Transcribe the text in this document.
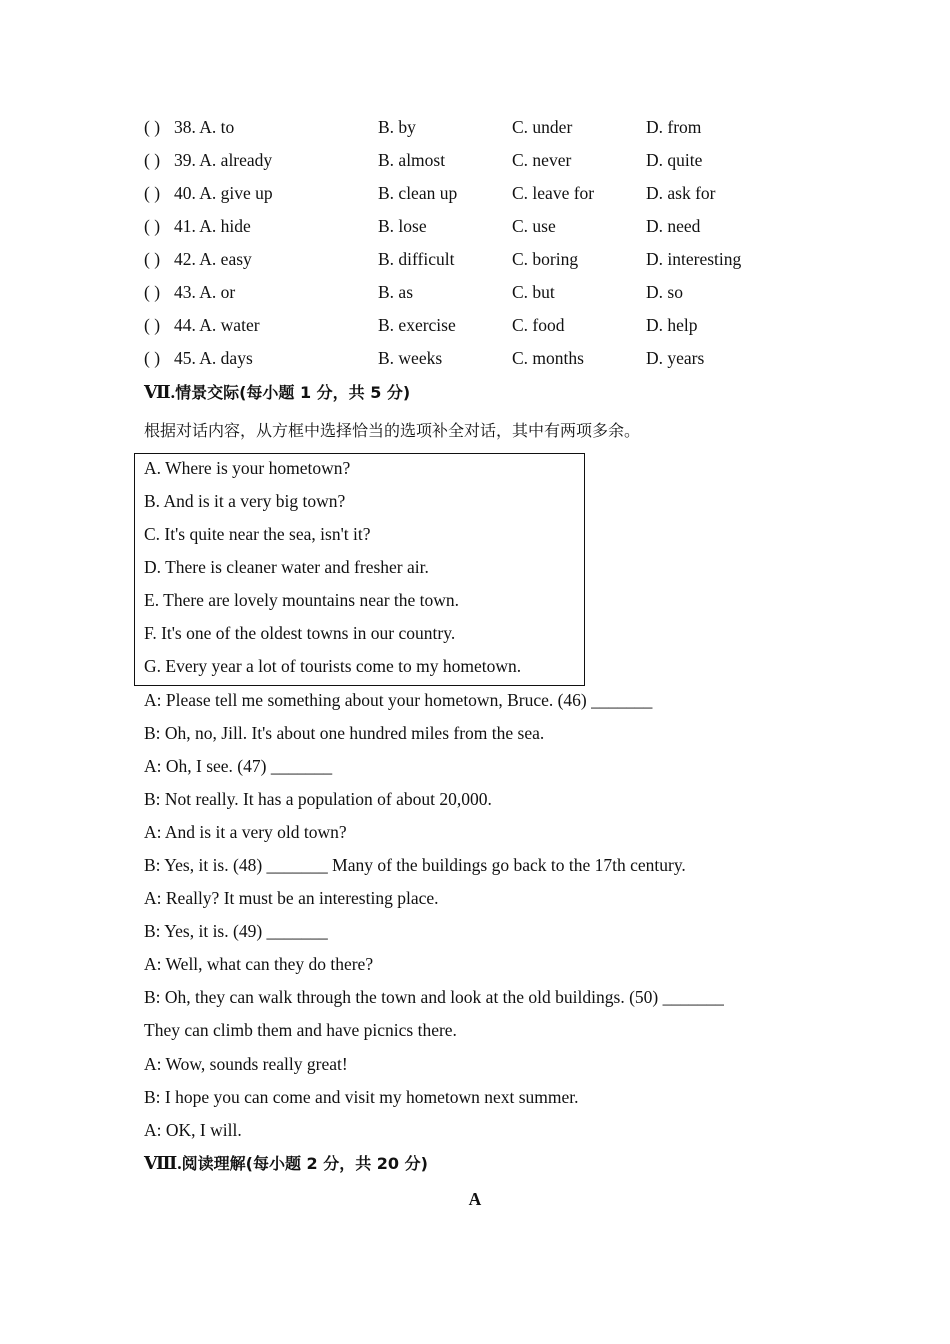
( ) 38. A. to	B. by	C. under	D. from
( ) 39. A. already	B. almost	C. never	D. quite
( ) 40. A. give up	B. clean up	C. leave for	D. ask for
( ) 41. A. hide	B. lose	C. use	D. need
( ) 42. A. easy	B. difficult	C. boring	D. interesting
( ) 43. A. or	B. as	C. but	D. so
( ) 44. A. water	B. exercise	C. food	D. help
( ) 45. A. days	B. weeks	C. months	D. years
Ⅶ.情景交际(每小题 1 分，共 5 分)
根据对话内容，从方框中选择恰当的选项补全对话，其中有两项多余。
A. Where is your hometown?
B. And is it a very big town?
C. It's quite near the sea, isn't it?
D. There is cleaner water and fresher air.
E. There are lovely mountains near the town.
F. It's one of the oldest towns in our country.
G. Every year a lot of tourists come to my hometown.
A: Please tell me something about your hometown, Bruce. (46) _______
B: Oh, no, Jill. It's about one hundred miles from the sea.
A: Oh, I see. (47) _______
B: Not really. It has a population of about 20,000.
A: And is it a very old town?
B: Yes, it is. (48) _______ Many of the buildings go back to the 17th century.
A: Really? It must be an interesting place.
B: Yes, it is. (49) _______
A: Well, what can they do there?
B: Oh, they can walk through the town and look at the old buildings. (50) _______
They can climb them and have picnics there.
A: Wow, sounds really great!
B: I hope you can come and visit my hometown next summer.
A: OK, I will.
Ⅷ.阅读理解(每小题 2 分，共 20 分)
A
